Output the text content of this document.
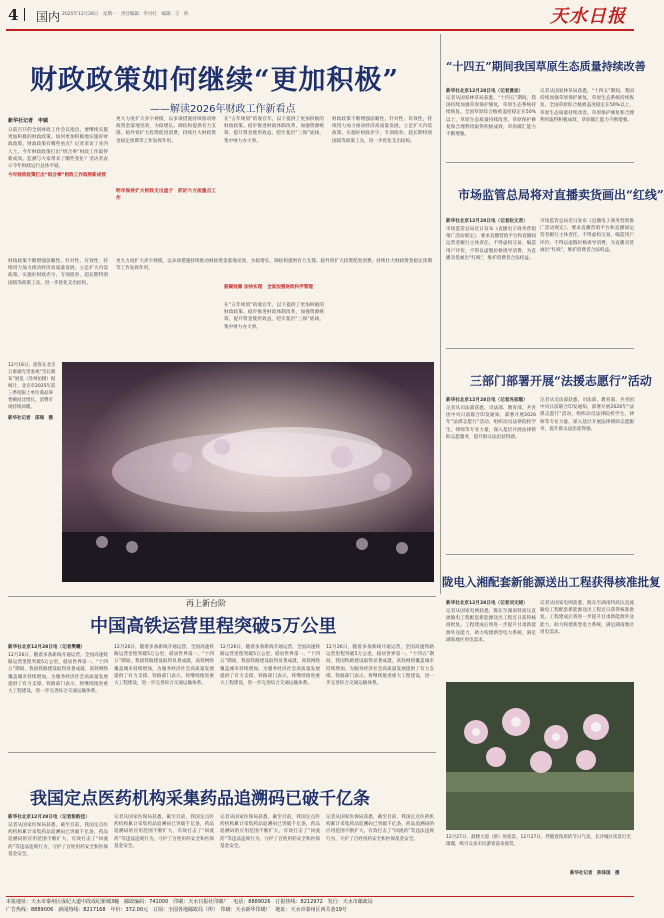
4 国内 2025年12月26日　星期一　责任编辑：罗丹红　编辑：王　昕	天水日报
财政政策如何继续“更加积极”
——解读2026年财政工作新看点
新华社记者　申铖
日前召开的全国财政工作会议指出，要继续实施更加积极的财政政策。如何更加积极地实施好财政政策、财政政策有哪些看点？记者采访了业内人士。今年财政政策打出“组合拳”财政工作取得新成效。监测与大家带来了哪些变化？受访者表示今年财政运行总体平稳。
今年财政政策打出“组合拳”财政工作取得新成效
更大力度扩大赤字规模，以多项措施持续推动财政资金落地见效，为稳增长、调结构提供有力支撑。稳外贸扩大投资促进消费，持续壮大财政资金稳定预期等工作发挥作用。
明年保持扩大财政支出盘子　抓好六方面重点工作
在“五年规划”的收官年，以下提供了更加积极的财政政策。稳步推进财政体制改革，加强资源统筹，提升资金使用效益，兜牢基层“三保”底线，集中财力办大事。
振聚财源 加快实现　全面加强财政科学管理
财政政策不断增强前瞻性、针对性、有效性，持续用力加力推动经济高质量发展。立足扩大内需政策、实施好财政赤字、专项债券、超长期特别国债等政策工具，进一步优化支出结构。
更大力度扩大赤字规模，以多项措施持续推动财政资金落地见效，为稳增长、调结构提供有力支撑。稳外贸扩大投资促进消费，持续壮大财政资金稳定预期等工作发挥作用。
在“五年规划”的收官年，以下提供了更加积极的财政政策。稳步推进财政体制改革，加强资源统筹，提升资金使用效益，兜牢基层“三保”底线，集中财力办大事。
财政政策不断增强前瞻性、针对性、有效性，持续用力加力推动经济高质量发展。立足扩大内需政策、实施好财政赤字、专项债券、超长期特别国债等政策工具，进一步优化支出结构。
12月16日，游客在北京万象湖光里参观“雪后瀑布”展览（苏州拍摄）据统计，北京市2025年前三季度限上单位商品零售额同比增长，消费市场持续回暖。
新华社记者　邵瑞　摄
“十四五”期间我国草原生态质量持续改善
新华社北京12月28日电（记者黄垚）
记者从国家林草局获悉，“十四五”期间，我国持续加强草原保护修复，草原生态系统持续恢复。全国草原综合植被盖度稳定在50%以上，草原生态质量持续改善，草原保护修复和合理利用取得积极成效，草原碳汇能力不断增强。
记者从国家林草局获悉，“十四五”期间，我国持续加强草原保护修复，草原生态系统持续恢复。全国草原综合植被盖度稳定在50%以上，草原生态质量持续改善，草原保护修复和合理利用取得积极成效，草原碳汇能力不断增强。
市场监管总局将对直播卖货画出“红线”
新华社北京12月28日电（记者赵文君）
市场监管总局近日发布《直播电子商务营销推广活动规定》，要求直播营销平台和直播间运营者履行主体责任，不得虚构交易、编造用户评价，不得以虚假价格诱导消费，为直播卖货画出“红线”，维护消费者合法权益。
市场监管总局近日发布《直播电子商务营销推广活动规定》，要求直播营销平台和直播间运营者履行主体责任，不得虚构交易、编造用户评价，不得以虚假价格诱导消费，为直播卖货画出“红线”，维护消费者合法权益。
三部门部署开展“法援志愿行”活动
新华社北京12月28日电（记者冯家顺）
记者从司法部获悉，司法部、教育部、共青团中央日前联合印发通知，部署开展2026年“法援志愿行”活动，组织动员法律院校学生、律师等专业力量，深入基层开展法律援助志愿服务，提升群众法治获得感。
记者从司法部获悉，司法部、教育部、共青团中央日前联合印发通知，部署开展2026年“法援志愿行”活动，组织动员法律院校学生、律师等专业力量，深入基层开展法律援助志愿服务，提升群众法治获得感。
陇电入湘配套新能源送出工程获得核准批复
新华社北京12月28日电（记者刘文晓）
记者从国家电网获悉，陇东至湖南特高压直流输电工程配套新能源送出工程近日获得核准批复。工程建成后将进一步提升甘肃新能源外送能力，助力构建新型电力系统，满足湖南地区用电需求。
记者从国家电网获悉，陇东至湖南特高压直流输电工程配套新能源送出工程近日获得核准批复。工程建成后将进一步提升甘肃新能源外送能力，助力构建新型电力系统，满足湖南地区用电需求。
12月27日，鼓楼大道（新）的夜景。12月27日，伴随着浓厚的节日气氛，长沙城区夜景灯光璀璨，吸引众多市民游客前来观赏。
新华社记者　陈泽国　摄
再上新台阶
中国高铁运营里程突破5万公里
新华社北京12月28日电（记者樊曦）
12月26日，随着多条新线开通运营，全国高速铁路运营里程突破5万公里，稳居世界第一。“十四五”期间，我国铁路建设取得显著成就，高铁网络覆盖城市持续增加，为服务经济社会高质量发展提供了有力支撑。铁路部门表示，将继续推进重大工程建设，进一步完善综合交通运输体系。
12月26日，随着多条新线开通运营，全国高速铁路运营里程突破5万公里，稳居世界第一。“十四五”期间，我国铁路建设取得显著成就，高铁网络覆盖城市持续增加，为服务经济社会高质量发展提供了有力支撑。铁路部门表示，将继续推进重大工程建设，进一步完善综合交通运输体系。
12月26日，随着多条新线开通运营，全国高速铁路运营里程突破5万公里，稳居世界第一。“十四五”期间，我国铁路建设取得显著成就，高铁网络覆盖城市持续增加，为服务经济社会高质量发展提供了有力支撑。铁路部门表示，将继续推进重大工程建设，进一步完善综合交通运输体系。
12月26日，随着多条新线开通运营，全国高速铁路运营里程突破5万公里，稳居世界第一。“十四五”期间，我国铁路建设取得显著成就，高铁网络覆盖城市持续增加，为服务经济社会高质量发展提供了有力支撑。铁路部门表示，将继续推进重大工程建设，进一步完善综合交通运输体系。
我国定点医药机构采集药品追溯码已破千亿条
新华社北京12月28日电（记者彭韵佳）
记者从国家医保局获悉，截至目前，我国定点医药机构累计采集药品追溯码已突破千亿条，药品追溯码的应用范围不断扩大，有效打击了“回流药”等违法违规行为，守护了百姓用药安全和医保基金安全。
记者从国家医保局获悉，截至目前，我国定点医药机构累计采集药品追溯码已突破千亿条，药品追溯码的应用范围不断扩大，有效打击了“回流药”等违法违规行为，守护了百姓用药安全和医保基金安全。
记者从国家医保局获悉，截至目前，我国定点医药机构累计采集药品追溯码已突破千亿条，药品追溯码的应用范围不断扩大，有效打击了“回流药”等违法违规行为，守护了百姓用药安全和医保基金安全。
记者从国家医保局获悉，截至目前，我国定点医药机构累计采集药品追溯码已突破千亿条，药品追溯码的应用范围不断扩大，有效打击了“回流药”等违法违规行为，守护了百姓用药安全和医保基金安全。
本报地址：天水市秦州区成纪大道中段成纪新城3幢　邮政编码：741000　印刷：天水日报社印刷厂　电话：8889026　订报热线：8212972　发行：天水市邮政局
广告热线：8889006　新闻热线：8217168　年价：372.00元　订阅：全国各地邮政局（所）　印刷：天水新华印刷厂　地址：天水市秦州区西关巷19号
